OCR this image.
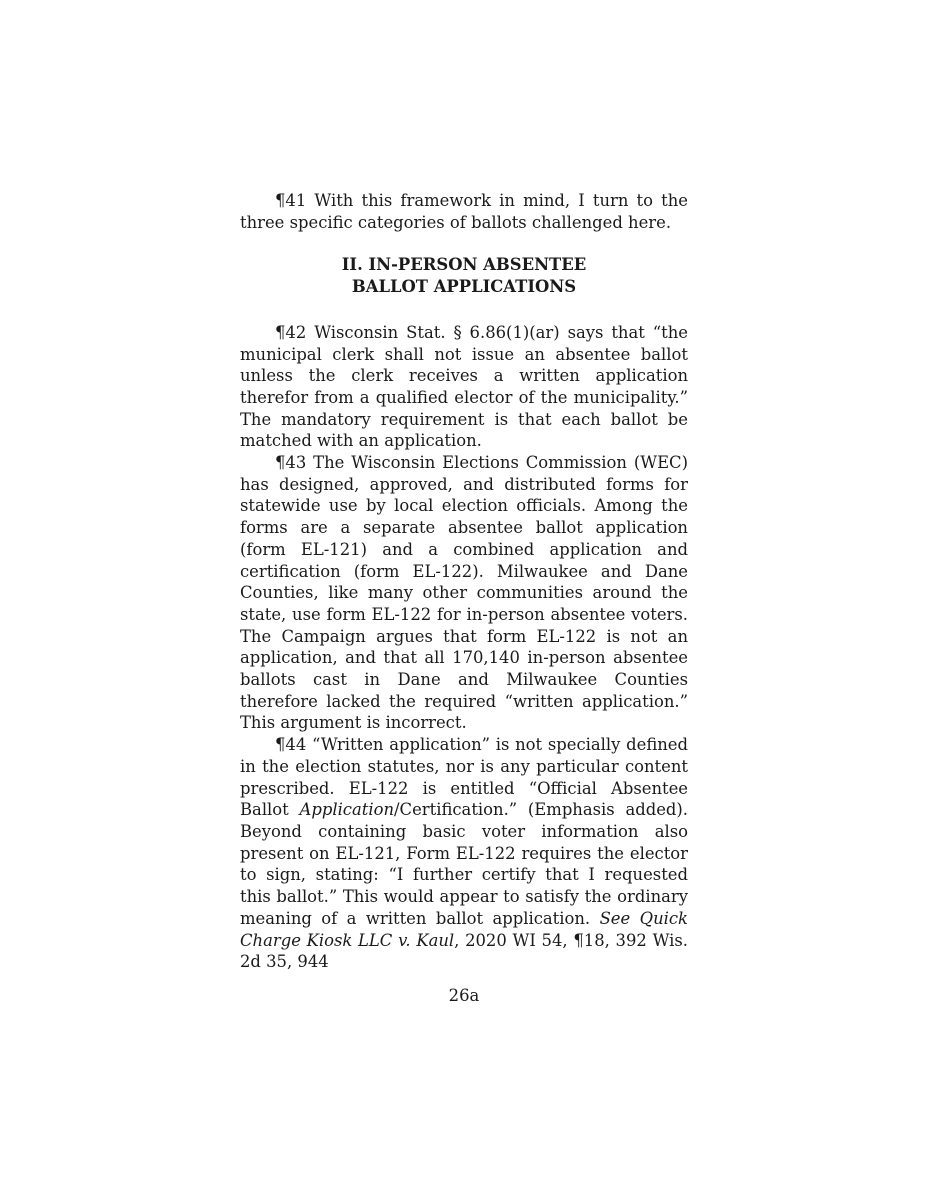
¶41 With this framework in mind, I turn to the three specific categories of ballots challenged here.

II. IN-PERSON ABSENTEE
BALLOT APPLICATIONS

¶42 Wisconsin Stat. § 6.86(1)(ar) says that “the municipal clerk shall not issue an absentee ballot unless the clerk receives a written application therefor from a qualified elector of the municipality.” The mandatory requirement is that each ballot be matched with an application.

¶43 The Wisconsin Elections Commission (WEC) has designed, approved, and distributed forms for statewide use by local election officials. Among the forms are a separate absentee ballot application (form EL-121) and a combined application and certification (form EL-122). Milwaukee and Dane Counties, like many other communities around the state, use form EL-122 for in-person absentee voters. The Campaign argues that form EL-122 is not an application, and that all 170,140 in-person absentee ballots cast in Dane and Milwaukee Counties therefore lacked the required “written application.” This argument is incorrect.

¶44 “Written application” is not specially defined in the election statutes, nor is any particular content prescribed. EL-122 is entitled “Official Absentee Ballot Application/Certification.” (Emphasis added). Beyond containing basic voter information also present on EL-121, Form EL-122 requires the elector to sign, stating: “I further certify that I requested this ballot.” This would appear to satisfy the ordinary meaning of a written ballot application. See Quick Charge Kiosk LLC v. Kaul, 2020 WI 54, ¶18, 392 Wis. 2d 35, 944

26a
